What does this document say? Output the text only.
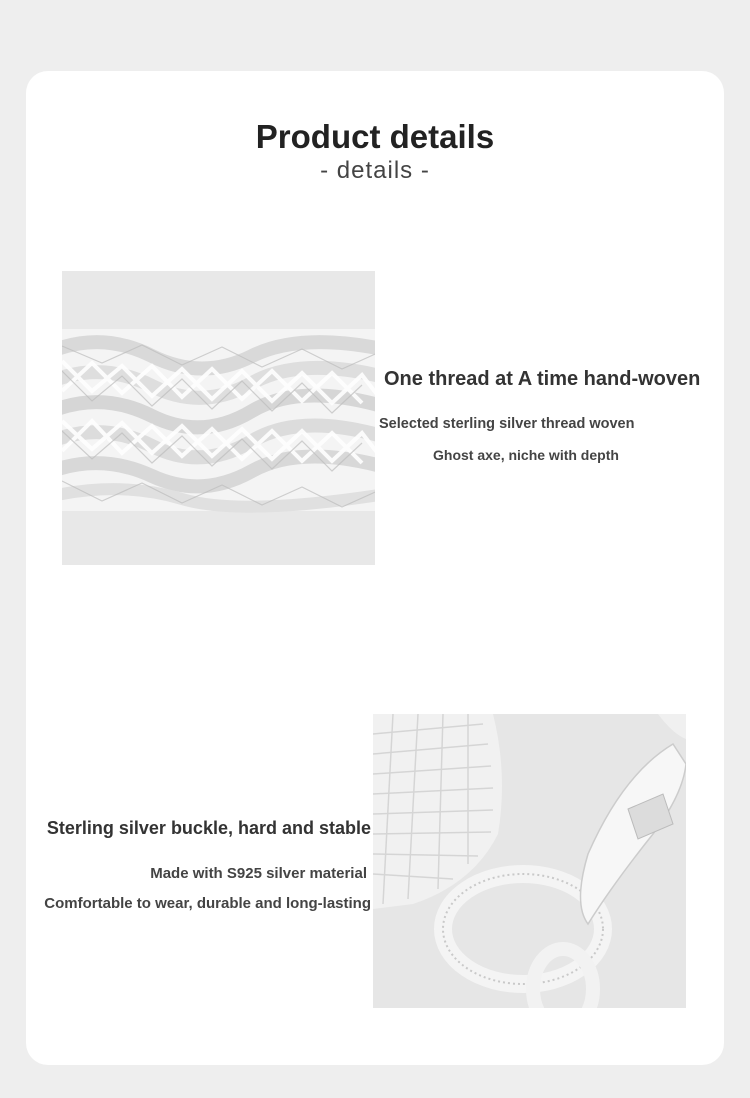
Product details
- details -
One thread at A time hand-woven
Selected sterling silver thread woven
Ghost axe, niche with depth
Sterling silver buckle, hard and stable
Made with S925 silver material
Comfortable to wear, durable and long-lasting
